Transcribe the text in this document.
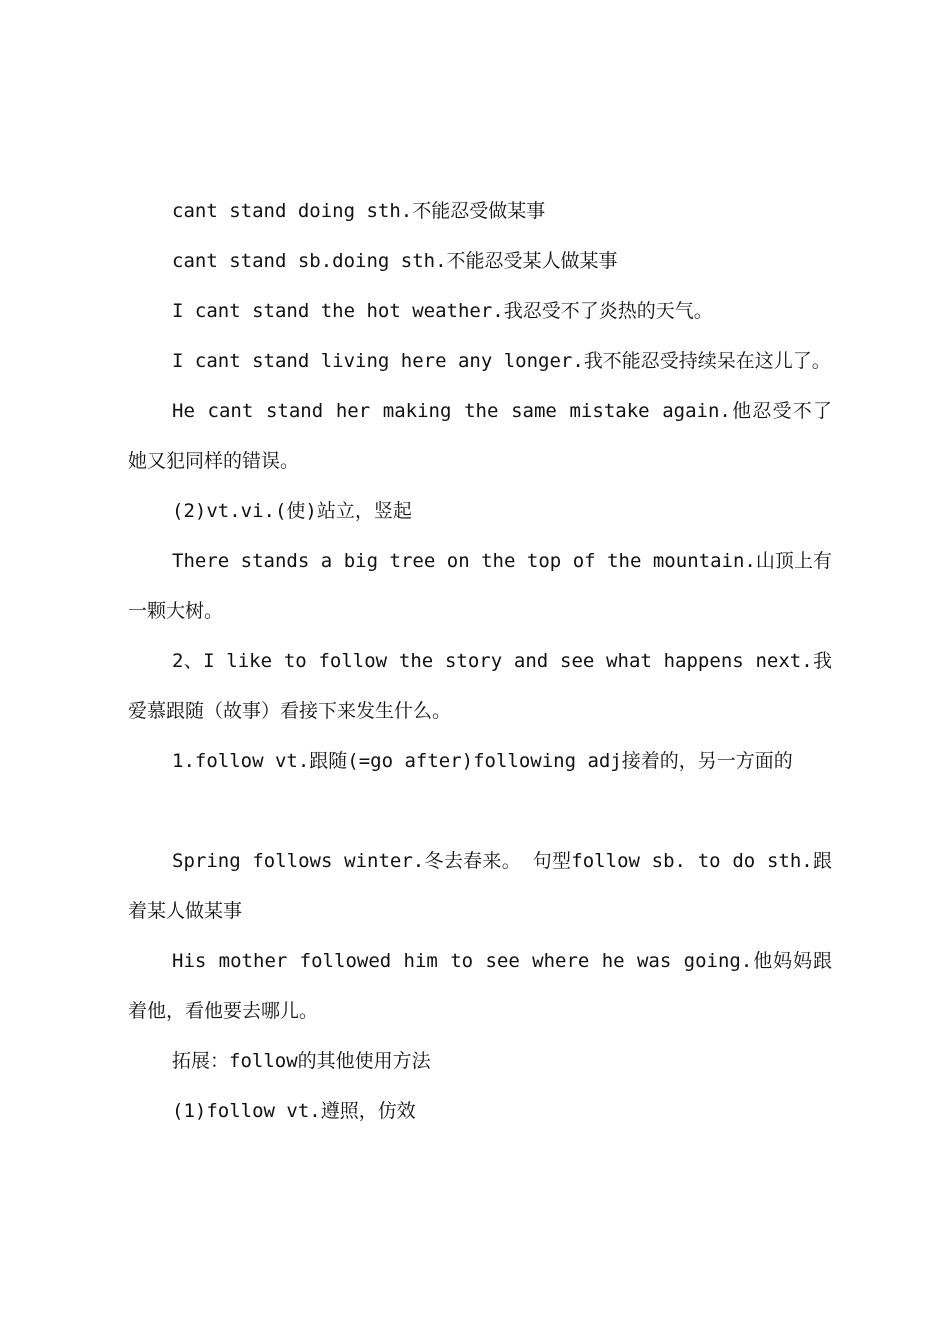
cant stand doing sth.不能忍受做某事

cant stand sb.doing sth.不能忍受某人做某事

I cant stand the hot weather.我忍受不了炎热的天气。

I cant stand living here any longer.我不能忍受持续呆在这儿了。

He cant stand her making the same mistake again.他忍受不了她又犯同样的错误。

(2)vt.vi.(使)站立，竖起

There stands a big tree on the top of the mountain.山顶上有一颗大树。

2、I like to follow the story and see what happens next.我爱慕跟随（故事）看接下来发生什么。

1.follow vt.跟随(=go after)following adj接着的，另一方面的

Spring follows winter.冬去春来。 句型follow sb. to do sth.跟着某人做某事

His mother followed him to see where he was going.他妈妈跟着他，看他要去哪儿。

拓展：follow的其他使用方法

(1)follow vt.遵照，仿效
